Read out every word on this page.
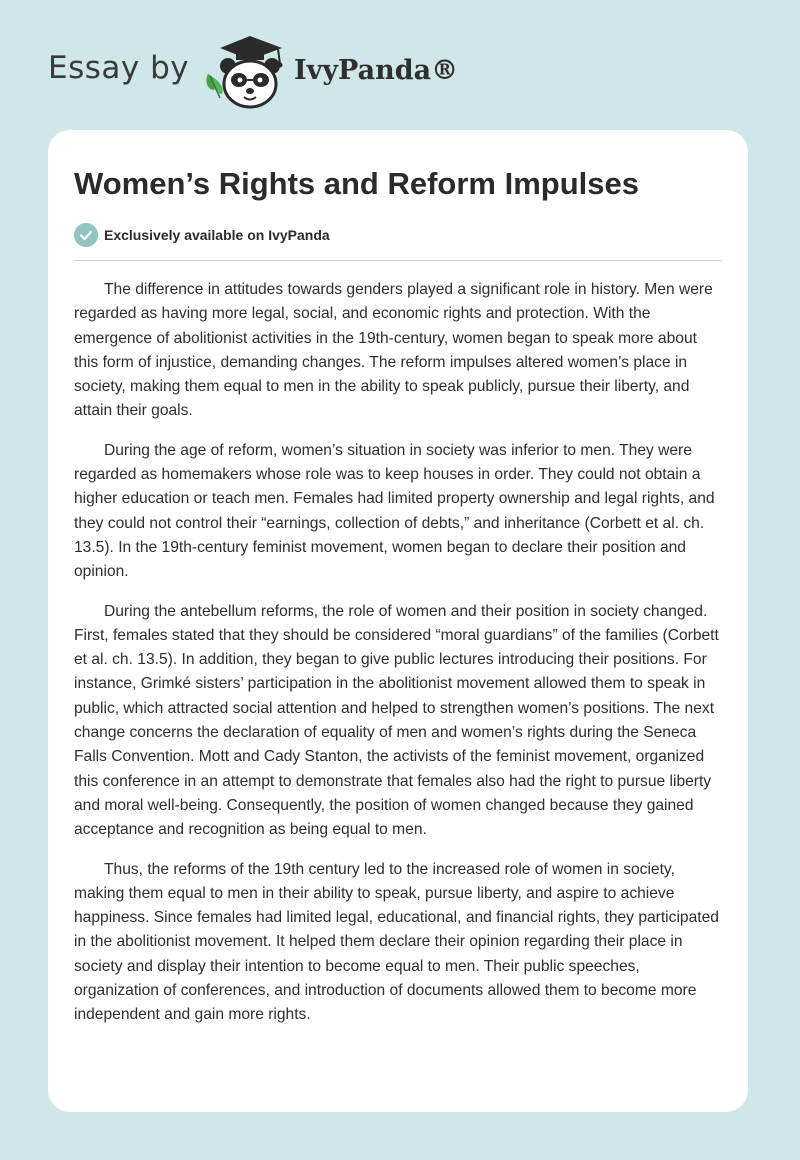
Essay by	IvyPanda®
Women’s Rights and Reform Impulses
Exclusively available on IvyPanda

The difference in attitudes towards genders played a significant role in history. Men were regarded as having more legal, social, and economic rights and protection. With the emergence of abolitionist activities in the 19th-century, women began to speak more about this form of injustice, demanding changes. The reform impulses altered women’s place in society, making them equal to men in the ability to speak publicly, pursue their liberty, and attain their goals.

During the age of reform, women’s situation in society was inferior to men. They were regarded as homemakers whose role was to keep houses in order. They could not obtain a higher education or teach men. Females had limited property ownership and legal rights, and they could not control their “earnings, collection of debts,” and inheritance (Corbett et al. ch. 13.5). In the 19th-century feminist movement, women began to declare their position and opinion.

During the antebellum reforms, the role of women and their position in society changed. First, females stated that they should be considered “moral guardians” of the families (Corbett et al. ch. 13.5). In addition, they began to give public lectures introducing their positions. For instance, Grimké sisters’ participation in the abolitionist movement allowed them to speak in public, which attracted social attention and helped to strengthen women’s positions. The next change concerns the declaration of equality of men and women’s rights during the Seneca Falls Convention. Mott and Cady Stanton, the activists of the feminist movement, organized this conference in an attempt to demonstrate that females also had the right to pursue liberty and moral well-being. Consequently, the position of women changed because they gained acceptance and recognition as being equal to men.

Thus, the reforms of the 19th century led to the increased role of women in society, making them equal to men in their ability to speak, pursue liberty, and aspire to achieve happiness. Since females had limited legal, educational, and financial rights, they participated in the abolitionist movement. It helped them declare their opinion regarding their place in society and display their intention to become equal to men. Their public speeches, organization of conferences, and introduction of documents allowed them to become more independent and gain more rights.
